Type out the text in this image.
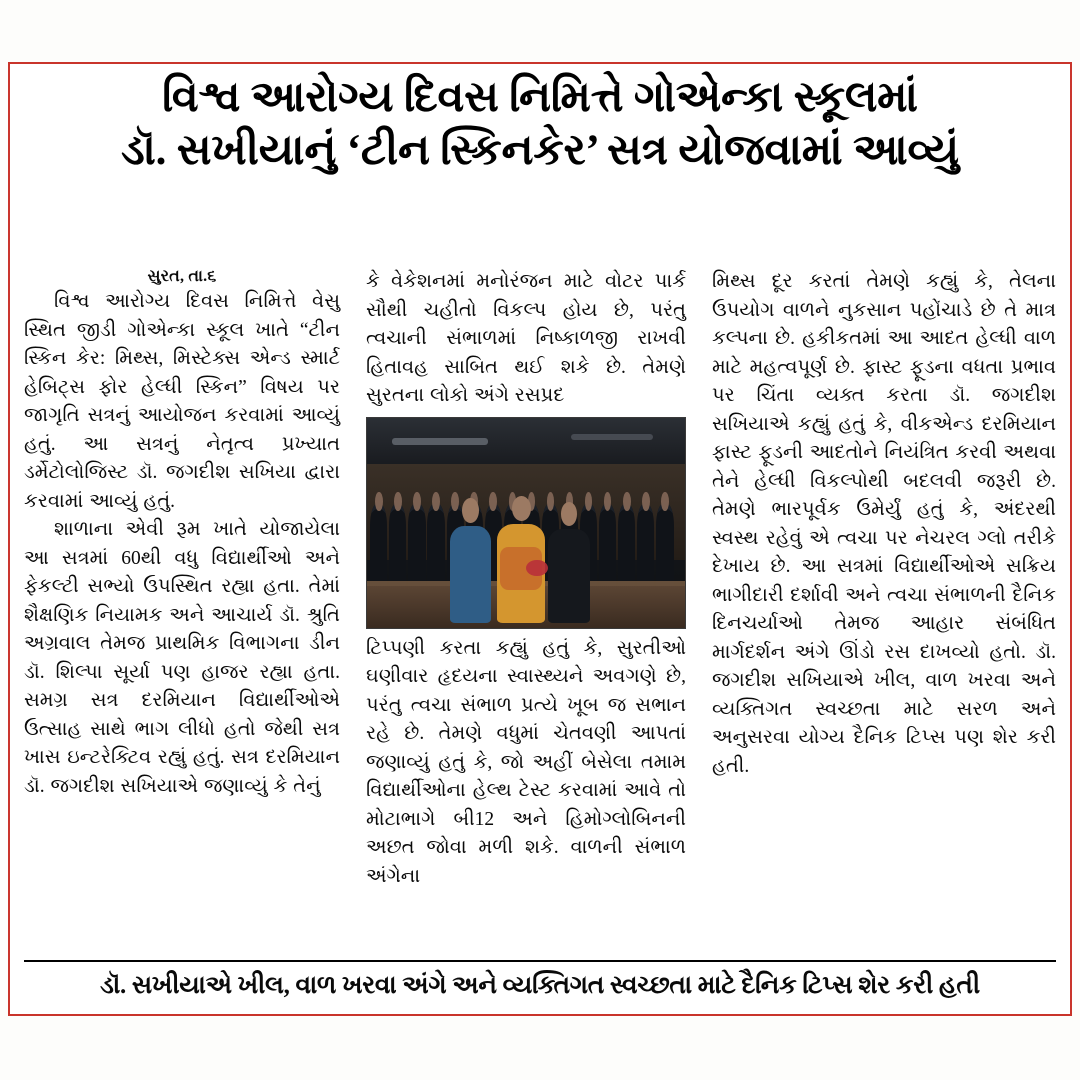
વિશ્વ આરોગ્ય દિવસ નિમિત્તે ગોએન્કા સ્કૂલમાં
ડૉ. સખીયાનું ‘ટીન સ્કિનકેર’ સત્ર યોજવામાં આવ્યું
સુરત, તા.૬

વિશ્વ આરોગ્ય દિવસ નિમિત્તે વેસુ સ્થિત જીડી ગોએન્કા સ્કૂલ ખાતે “ટીન સ્કિન કેર: મિથ્સ, મિસ્ટેક્સ એન્ડ સ્માર્ટ હેબિટ્સ ફોર હેલ્ધી સ્કિન” વિષય પર જાગૃતિ સત્રનું આયોજન કરવામાં આવ્યું હતું. આ સત્રનું નેતૃત્વ પ્રખ્યાત ડર્મેટોલોજિસ્ટ ડૉ. જગદીશ સખિયા દ્વારા કરવામાં આવ્યું હતું.

શાળાના એવી રૂમ ખાતે યોજાયેલા આ સત્રમાં 60થી વધુ વિદ્યાર્થીઓ અને ફેકલ્ટી સભ્યો ઉપસ્થિત રહ્યા હતા. તેમાં શૈક્ષણિક નિયામક અને આચાર્ય ડૉ. શ્રુતિ અગ્રવાલ તેમજ પ્રાથમિક વિભાગના ડીન ડૉ. શિલ્પા સૂર્યા પણ હાજર રહ્યા હતા. સમગ્ર સત્ર દરમિયાન વિદ્યાર્થીઓએ ઉત્સાહ સાથે ભાગ લીધો હતો જેથી સત્ર ખાસ ઇન્ટરેક્ટિવ રહ્યું હતું. સત્ર દરમિયાન ડૉ. જગદીશ સખિયાએ જણાવ્યું કે તેનું

કે વેકેશનમાં મનોરંજન માટે વોટર પાર્ક સૌથી ચહીતો વિકલ્પ હોય છે, પરંતુ ત્વચાની સંભાળમાં નિષ્કાળજી રાખવી હિતાવહ સાબિત થઈ શકે છે. તેમણે સુરતના લોકો અંગે રસપ્રદ

ટિપ્પણી કરતા કહ્યું હતું કે, સુરતીઓ ઘણીવાર હૃદયના સ્વાસ્થ્યને અવગણે છે, પરંતુ ત્વચા સંભાળ પ્રત્યે ખૂબ જ સભાન રહે છે. તેમણે વધુમાં ચેતવણી આપતાં જણાવ્યું હતું કે, જો અહીં બેસેલા તમામ વિદ્યાર્થીઓના હેલ્થ ટેસ્ટ કરવામાં આવે તો મોટાભાગે બી12 અને હિમોગ્લોબિનની અછત જોવા મળી શકે. વાળની સંભાળ અંગેના

મિથ્સ દૂર કરતાં તેમણે કહ્યું કે, તેલના ઉપયોગ વાળને નુકસાન પહોંચાડે છે તે માત્ર કલ્પના છે. હકીકતમાં આ આદત હેલ્ધી વાળ માટે મહત્વપૂર્ણ છે. ફાસ્ટ ફૂડના વધતા પ્રભાવ પર ચિંતા વ્યક્ત કરતા ડૉ. જગદીશ સખિયાએ કહ્યું હતું કે, વીકએન્ડ દરમિયાન ફાસ્ટ ફૂડની આદતોને નિયંત્રિત કરવી અથવા તેને હેલ્ધી વિકલ્પોથી બદલવી જરૂરી છે. તેમણે ભારપૂર્વક ઉમેર્યું હતું કે, અંદરથી સ્વસ્થ રહેવું એ ત્વચા પર નેચરલ ગ્લો તરીકે દેખાય છે. આ સત્રમાં વિદ્યાર્થીઓએ સક્રિય ભાગીદારી દર્શાવી અને ત્વચા સંભાળની દૈનિક દિનચર્યાઓ તેમજ આહાર સંબંધિત માર્ગદર્શન અંગે ઊંડો રસ દાખવ્યો હતો. ડૉ. જગદીશ સખિયાએ ખીલ, વાળ ખરવા અને વ્યક્તિગત સ્વચ્છતા માટે સરળ અને અનુસરવા યોગ્ય દૈનિક ટિપ્સ પણ શેર કરી હતી.

ડૉ. સખીયાએ ખીલ, વાળ ખરવા અંગે અને વ્યક્તિગત સ્વચ્છતા માટે દૈનિક ટિપ્સ શેર કરી હતી
